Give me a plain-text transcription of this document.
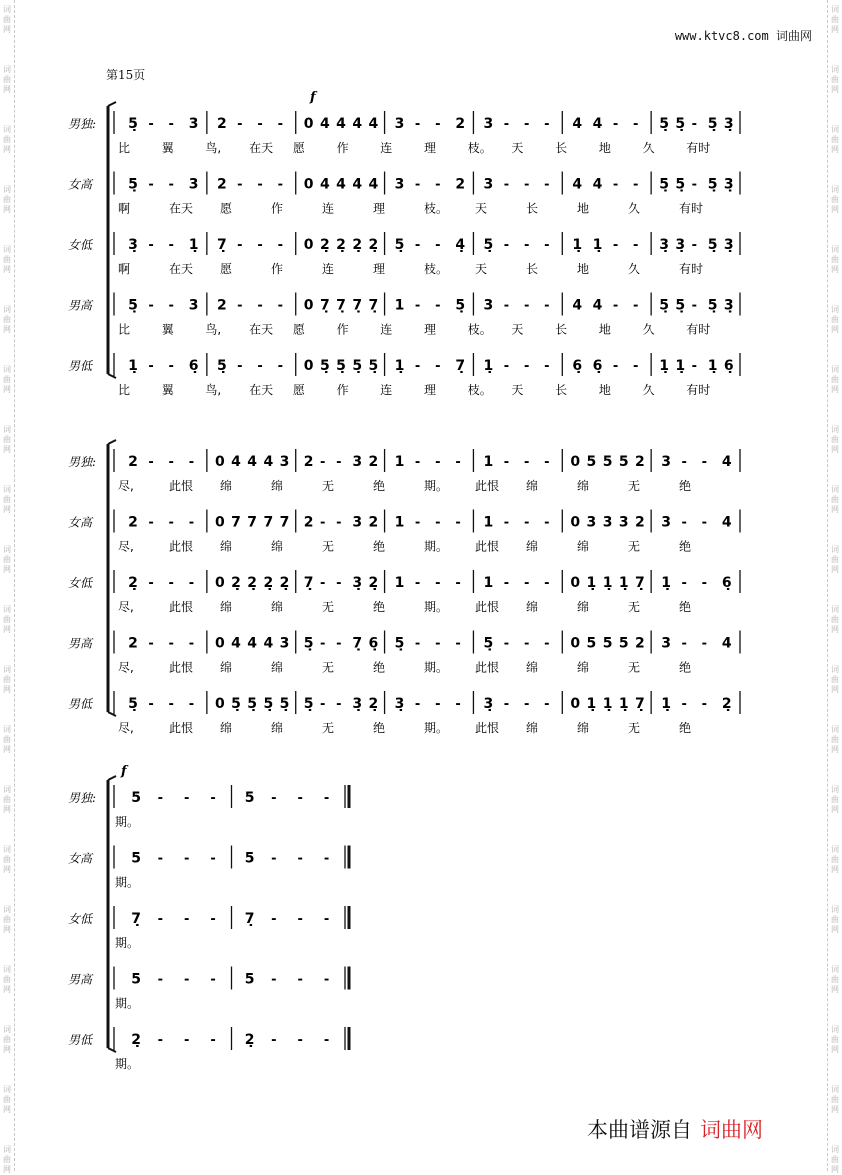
www.ktvc8.com 词曲网
第15页
f
男独: 5̣ - - 3 2 - - - 0 4 4 4 4 3 - - 2 3 - - - 4 4 - - 5̣ 5̣ - 5̣ 3̣
比	翼	鸟, 在天 愿	作	连	理	枝。 天	长	地	久	有时
女高	5̣ - - 3 2 - - - 0 4 4 4 4 3 - - 2 3 - - - 4 4 - - 5̣ 5̣ - 5̣ 3̣
啊	在天 愿	作	连	理	枝。 天	长	地	久	有时
女低	3̣ - - 1̣ 7̣ - - - 0 2̣ 2̣ 2̣ 2̣ 5̣ - - 4̣ 5̣ - - - 1̣ 1̣ - - 3̣ 3̣ - 5̣ 3̣
啊	在天 愿	作	连	理	枝。 天	长	地	久	有时
男高	5̣ - - 3 2 - - - 0 7̣ 7̣ 7̣ 7̣ 1 - - 5̣ 3 - - - 4 4 - - 5̣ 5̣ - 5̣ 3̣
比	翼	鸟, 在天 愿	作	连	理	枝。 天	长	地	久	有时
男低	1̣ - - 6̣ 5̣ - - - 0 5̣ 5̣ 5̣ 5̣ 1̣ - - 7̣ 1̣ - - - 6̣ 6̣ - - 1̣ 1̣ - 1̣ 6̣
比	翼	鸟, 在天 愿	作	连	理	枝。 天	长	地	久	有时
男独: 2 - - - 0 4 4 4 3 2 - - 3 2 1 - - - 1 - - - 0 5 5 5 2 3 - - 4
尽,	此恨 绵	绵	无	绝	期。 此恨 绵	绵	无	绝
女高	2 - - - 0 7 7 7 7 2 - - 3 2 1 - - - 1 - - - 0 3 3 3 2 3 - - 4
尽,	此恨 绵	绵	无	绝	期。 此恨 绵	绵	无	绝
女低	2̣ - - - 0 2̣ 2̣ 2̣ 2̣ 7̣ - - 3̣ 2̣ 1 - - - 1 - - - 0 1̣ 1̣ 1̣ 7̣ 1̣ - - 6̣
尽,	此恨 绵	绵	无	绝	期。 此恨 绵	绵	无	绝
男高	2 - - - 0 4 4 4 3 5̣ - - 7̣ 6̣ 5̣ - - - 5̣ - - - 0 5 5 5 2 3 - - 4
尽,	此恨 绵	绵	无	绝	期。 此恨 绵	绵	无	绝
男低	5̣ - - - 0 5̣ 5̣ 5̣ 5̣ 5̣ - - 3̣ 2̣ 3̣ - - - 3̣ - - - 0 1̣ 1̣ 1̣ 7̣ 1̣ - - 2̣
尽,	此恨 绵	绵	无	绝	期。 此恨 绵	绵	无	绝
f
男独:	5 - - - 5 - - -
期。
女高	5 - - - 5 - - -
期。
女低	7̣ - - - 7̣ - - -
期。
男高	5 - - - 5 - - -
期。
男低	2̣ - - - 2̣ - - -
期。
本曲谱源自 词曲网
词
曲
网
词
曲
网
词
曲
网
词
曲
网
词
曲
网
词
曲
网
词
曲
网
词
曲
网
词
曲
网
词
曲
网
词
曲
网
词
曲
网
词
曲
网
词
曲
网
词
曲
网
词
曲
网
词
曲
网
词
曲
网
词
曲
网
词
曲
网
词
曲
网
词
曲
网
词
曲
网
词
曲
网
词
曲
网
词
曲
网
词
曲
网
词
曲
网
词
曲
网
词
曲
网
词
曲
网
词
曲
网
词
曲
网
词
曲
网
词
曲
网
词
曲
网
词
曲
网
词
曲
网
词
曲
网
词
曲
网
